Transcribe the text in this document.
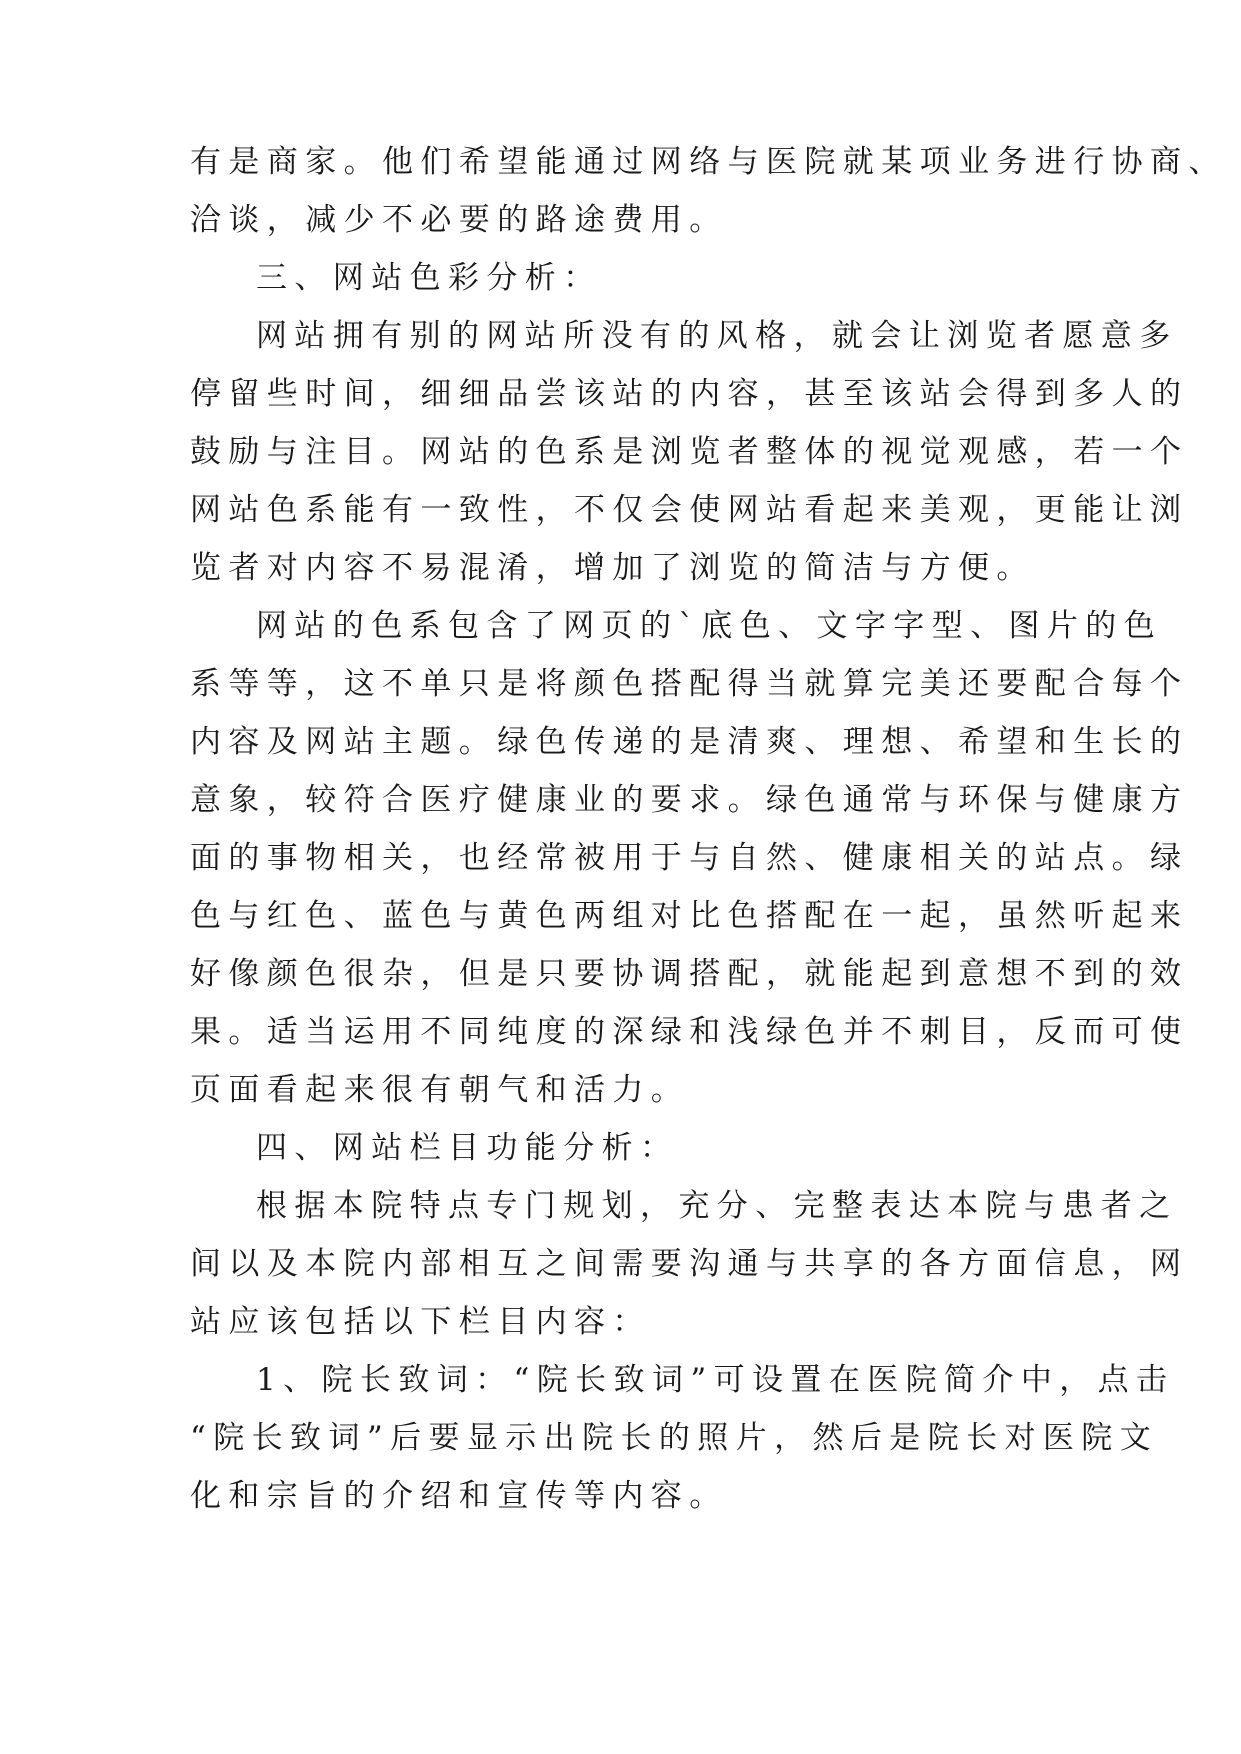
有是商家。他们希望能通过网络与医院就某项业务进行协商、
洽谈，减少不必要的路途费用。
三、网站色彩分析：
网站拥有别的网站所没有的风格，就会让浏览者愿意多
停留些时间，细细品尝该站的内容，甚至该站会得到多人的
鼓励与注目。网站的色系是浏览者整体的视觉观感，若一个
网站色系能有一致性，不仅会使网站看起来美观，更能让浏
览者对内容不易混淆，增加了浏览的简洁与方便。
网站的色系包含了网页的`底色、文字字型、图片的色
系等等，这不单只是将颜色搭配得当就算完美还要配合每个
内容及网站主题。绿色传递的是清爽、理想、希望和生长的
意象，较符合医疗健康业的要求。绿色通常与环保与健康方
面的事物相关，也经常被用于与自然、健康相关的站点。绿
色与红色、蓝色与黄色两组对比色搭配在一起，虽然听起来
好像颜色很杂，但是只要协调搭配，就能起到意想不到的效
果。适当运用不同纯度的深绿和浅绿色并不刺目，反而可使
页面看起来很有朝气和活力。
四、网站栏目功能分析：
根据本院特点专门规划，充分、完整表达本院与患者之
间以及本院内部相互之间需要沟通与共享的各方面信息，网
站应该包括以下栏目内容：
1、院长致词：“院长致词”可设置在医院简介中，点击
“院长致词”后要显示出院长的照片，然后是院长对医院文
化和宗旨的介绍和宣传等内容。
